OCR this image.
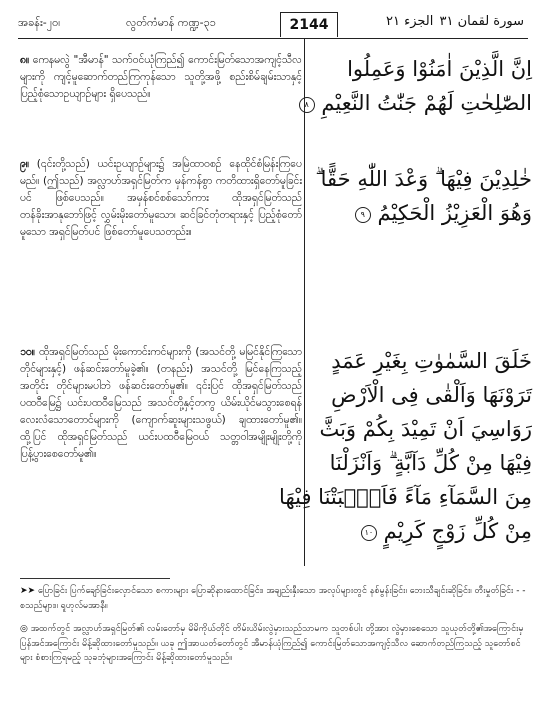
အခန်း-၂ဝ၊	လွတ်ကံမာန် ကဏ္ဍ-၃၁	2144	الجزء ٢١ سورة لقمان ٣١
၈။ ကေနမလွဲ "အီမာန်" သက်ဝင်ယုံကြည်၍ ကောင်းမြတ်သောအကျင့်သီလများကို ကျင့်မူဆောက်တည်ကြကုန်သော သူတို့အဖို့ စည်းစိမ်ချမ်းသာနှင့် ပြည့်စုံသောဥယျာဉ်များ ရှိပေသည်။
اِنَّ الَّذِيْنَ اٰمَنُوْا وَعَمِلُوا
الصّٰلِحٰتِ لَهُمْ جَنّٰتُ النَّعِيْمِ ٨
၉။ (၎င်းတို့သည်) ယင်းဥယျာဉ်များ၌ အမြဲထာဝစဉ် နေထိုင်စံမြန်းကြပေမည်။ (ဤသည်) အလ္လာဟ်အရှင်မြတ်က မှန်ကန်စွာ ကတိထားရှိတော်မူခြင်းပင် ဖြစ်ပေသည်။ အမှန်စင်စစ်သော်ကား ထိုအရှင်မြတ်သည် တန်ခိုးအာနုဘော်ဖြင့် လွှမ်းမိုးတော်မူသော၊ ဆင်ခြင်တုံတရားနှင့် ပြည့်စုံတော်မူသော အရှင်မြတ်ပင် ဖြစ်တော်မူပေသတည်း။
خٰلِدِيْنَ فِيْهَا ۗ وَعْدَ اللّٰهِ حَقًّا ۗ
وَهُوَ الْعَزِيْزُ الْحَكِيْمُ ٩
၁ဝ။ ထိုအရှင်မြတ်သည် မိုးကောင်းကင်များကို (အသင်တို့ မမြင်နိုင်ကြသောတိုင်များနှင့်) ဖန်ဆင်းတော်မူခဲ့၏။ (တနည်း) အသင်တို့ မြင်နေကြသည့် အတိုင်း တိုင်များမပါဘဲ ဖန်ဆင်းတော်မူ၏။ ၎င်းပြင် ထိုအရှင်မြတ်သည် ပထဝီမြေ၌ ယင်းပထဝီမြေသည် အသင်တို့နှင့်တကွ ယိမ်းယိုင်မသွားစေရန် လေးလံသောတောင်များကို (ကျောက်ဆူးများသဖွယ်) ချထားတော်မူ၏။ ထို့ပြင် ထိုအရှင်မြတ်သည် ယင်းပထဝီမြေဝယ် သတ္တဝါအမျိုးမျိုးတို့ကို ပြန့်ပွားစေတော်မူ၏။
خَلَقَ السَّمٰوٰتِ بِغَيْرِ عَمَدٍ
تَرَوْنَهَا وَاَلْقٰى فِى الْاَرْضِ
رَوَاسِيَ اَنْ تَمِيْدَ بِكُمْ وَبَثَّ
فِيْهَا مِنْ كُلِّ دَآبَّةٍ ۗ وَاَنْزَلْنَا
مِنَ السَّمَآءِ مَآءً فَاَنْۢبَتْنَا فِيْهَا
مِنْ كُلِّ زَوْجٍ كَرِيْمٍ ١٠
➤➤ ပြောခြင်း ပြက်ချော်ခြင်းလှောင်သော စကားများ ပြောဆိုနားထောင်ခြင်း၊ အချည်းနှီးသော အလုပ်များတွင် နစ်မွန်းခြင်း၊ ဘေးသီချင်းဆိုခြင်း၊ တီးမှုတ်ခြင်း - - စသည်များ။ ရူဟုလ်မအာနီ။
◎ အထက်တွင် အလ္လာဟ်အရှင်မြတ်၏ လမ်းတော်မှ မိမိကိုယ်တိုင် တိမ်းယိမ်းလွဲမှားသည်သာမက သူတစ်ပါး တို့အား လွဲမှားစေသော သူယုတ်တို့၏အကြောင်းမှ ပြန်အင်အကြောင်း မိန့်ဆိုထားတော်မူသည်။ ယခု ဤအာယတ်တော်တွင် အီမာန်ယုံကြည်၍ ကောင်းမြတ်သောအကျင့်သီလ ဆောက်တည်ကြသည့် သူတော်စင်များ စံစားကြရမည့် သုခဘုံများအကြောင်း မိန့်ဆိုထားတော်မူသည်။
